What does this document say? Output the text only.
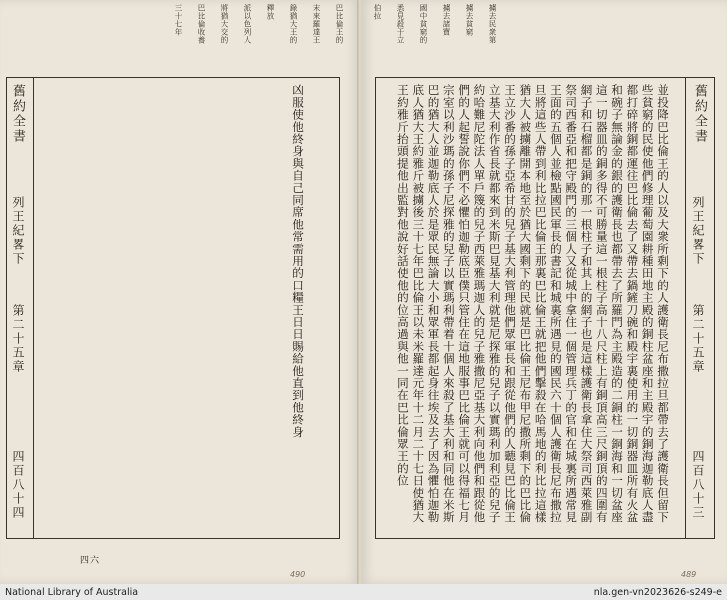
巴比倫王的
末來羅達王
錄猶大王的
釋放
派以色列人
將猶大交的
巴比倫收養
三十七年
舊約全書
列王紀畧下
第二十五章
四百八十四
凶服使他終身與自己同席他常需用的口糧王日日賜給他直到他終身
四六
490
擄去民衆第
擄去貧窮
擄去諸寶
國中貧窮的
悉見殺于立
伯拉
舊約全書
列王紀畧下
第二十五章
四百八十三
並投降巴比倫王的人以及大衆所剩下的人護衛長尼布撒拉旦都帶去了護衛長但留下些貧窮的民使他們修理葡萄園耕種田地主殿的銅柱盆座和主殿宇的銅海迦勒底人盡都打碎將銅都運往巴比倫去了又帶去鍋鏟刀碗和殿宇裏使用的一切銅器皿所有火盆和碗子無論金的銀的護衛長也都帶去了所羅門為主殿造的二銅柱一銅海和一切盆座這一切器皿的銅多得不可勝量這一根柱子高十八尺柱上有銅頂高三尺銅頂的四圍有網子和石榴都是銅的那一根柱子和其上的網子也是這樣護衛長拿住大祭司西萊雅副祭司西番亞和把守殿門的三個人又從城中拿住一個管理兵丁的官和在城裏所遇常見王面的五個人並檢點國民軍長的書記和城裏所遇見的國民六十個人護衛長尼布撒拉旦將這些人帶到利比拉巴比倫王那裏巴比倫王就把他們擊殺在哈馬地的利比拉這樣猶大人被擄離開本地至於猶大國剩下的民就是巴比倫王尼布甲尼撒所剩下的巴比倫王立沙番的孫子亞希甘的兒子基大利管理他們眾軍長和跟從他們的人聽見巴比倫王立基大利作省長就都來到米斯巴見基大利就是尼探雅的兒子以實瑪利加利亞的兒子約哈難尼陀法人單戶篾的兒子西萊雅瑪迦人的兒子雅撒尼亞基大利向他們和跟從他們的人起誓說你們不必懼怕迦勒底臣僕只管住在這地服事巴比倫王就可以得福七月宗室以利沙瑪的孫子尼探雅的兒子以實瑪利帶着十個人來殺了基大利和同他在米斯巴的猶大人並迦勒底人於是眾民無論大小和眾軍長都起身往埃及去了因為懼怕迦勒底人猶大王約雅斤被擄後三十七年巴比倫王以未米羅達元年十二月二十七日使猶大王約雅斤抬頭提他出監對他說好話使他的位高過與他一同在巴比倫眾王的位
489
National Library of Australia	nla.gen-vn2023626-s249-e
